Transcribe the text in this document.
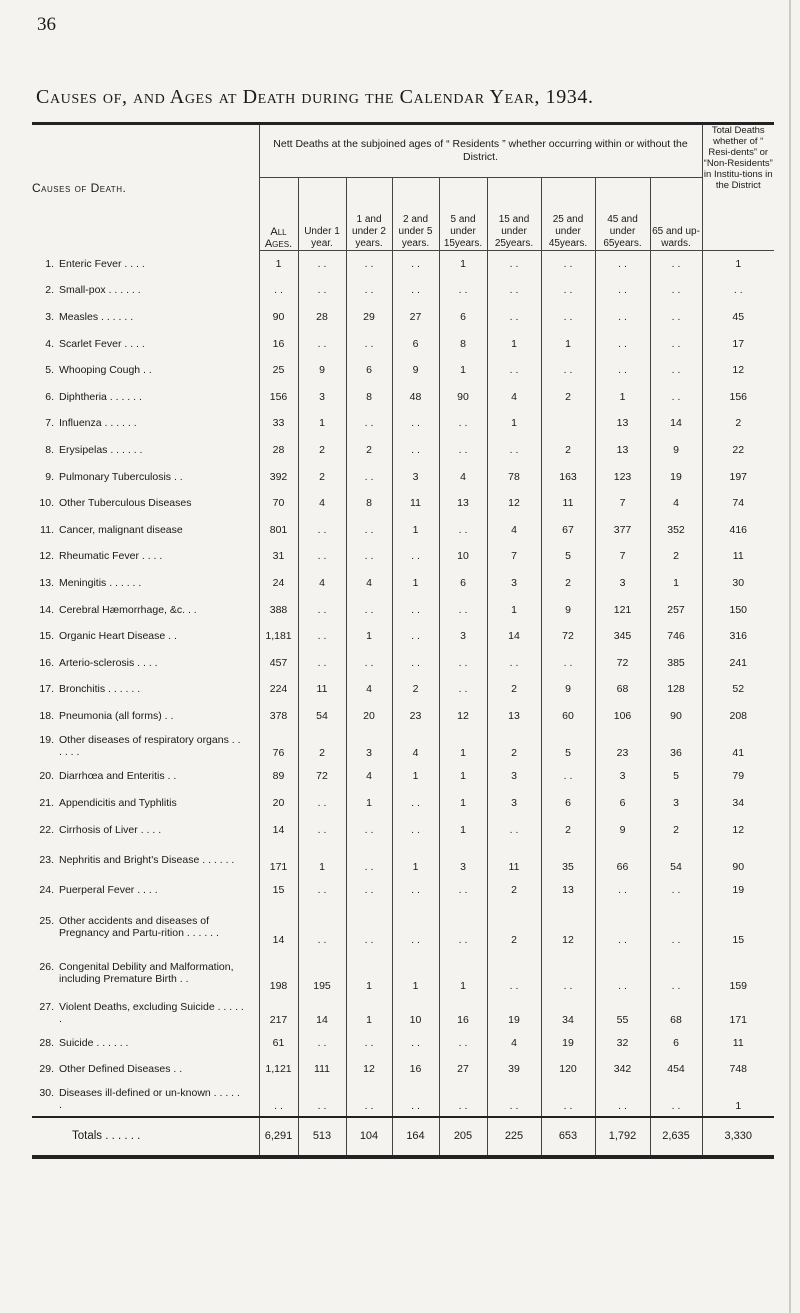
36
Causes of, and Ages at Death during the Calendar Year, 1934.

Causes of Death.	Nett Deaths at the subjoined ages of “ Residents ” whether occurring within or without the District.									Total Deaths whether of “ Resi-dents” or “Non-Residents” in Institu-tions in the District
	All Ages.	Under 1 year.	1 and under 2 years.	2 and under 5 years.	5 and under 15years.	15 and under 25years.	25 and under 45years.	45 and under 65years.	65 and up-wards.	
1. Enteric Fever . . . .	1	. .	. .	. .	1	. .	. .	. .	. .	1
2. Small-pox . . . . . .	. .	. .	. .	. .	. .	. .	. .	. .	. .	. .
3. Measles . . . . . .	90	28	29	27	6	. .	. .	. .	. .	45
4. Scarlet Fever . . . .	16	. .	. .	6	8	1	1	. .	. .	17
5. Whooping Cough . .	25	9	6	9	1	. .	. .	. .	. .	12
6. Diphtheria . . . . . .	156	3	8	48	90	4	2	1	. .	156
7. Influenza . . . . . .	33	1	. .	. .	. .	1		13	14	2
8. Erysipelas . . . . . .	28	2	2	. .	. .	. .	2	13	9	22
9. Pulmonary Tuberculosis . .	392	2	. .	3	4	78	163	123	19	197
10. Other Tuberculous Diseases	70	4	8	11	13	12	11	7	4	74
11. Cancer, malignant disease	801	. .	. .	1	. .	4	67	377	352	416
12. Rheumatic Fever . . . .	31	. .	. .	. .	10	7	5	7	2	11
13. Meningitis . . . . . .	24	4	4	1	6	3	2	3	1	30
14. Cerebral Hæmorrhage, &c. . .	388	. .	. .	. .	. .	1	9	121	257	150
15. Organic Heart Disease . .	1,181	. .	1	. .	3	14	72	345	746	316
16. Arterio-sclerosis . . . .	457	. .	. .	. .	. .	. .	. .	72	385	241
17. Bronchitis . . . . . .	224	11	4	2	. .	2	9	68	128	52
18. Pneumonia (all forms) . .	378	54	20	23	12	13	60	106	90	208
19. Other diseases of respiratory organs . . . . . .	76	2	3	4	1	2	5	23	36	41
20. Diarrhœa and Enteritis . .	89	72	4	1	1	3	. .	3	5	79
21. Appendicitis and Typhlitis	20	. .	1	. .	1	3	6	6	3	34
22. Cirrhosis of Liver . . . .	14	. .	. .	. .	1	. .	2	9	2	12
23. Nephritis and Bright's Disease . . . . . .	171	1	. .	1	3	11	35	66	54	90
24. Puerperal Fever . . . .	15	. .	. .	. .	. .	2	13	. .	. .	19
25. Other accidents and diseases of Pregnancy and Partu-rition . . . . . .	14	. .	. .	. .	. .	2	12	. .	. .	15
26. Congenital Debility and Malformation, including Premature Birth . .	198	195	1	1	1	. .	. .	. .	. .	159
27. Violent Deaths, excluding Suicide . . . . . .	217	14	1	10	16	19	34	55	68	171
28. Suicide . . . . . .	61	. .	. .	. .	. .	4	19	32	6	11
29. Other Defined Diseases . .	1,121	111	12	16	27	39	120	342	454	748
30. Diseases ill-defined or un-known . . . . . .	. .	. .	. .	. .	. .	. .	. .	. .	. .	1
Totals . . . . . .	6,291	513	104	164	205	225	653	1,792	2,635	3,330
